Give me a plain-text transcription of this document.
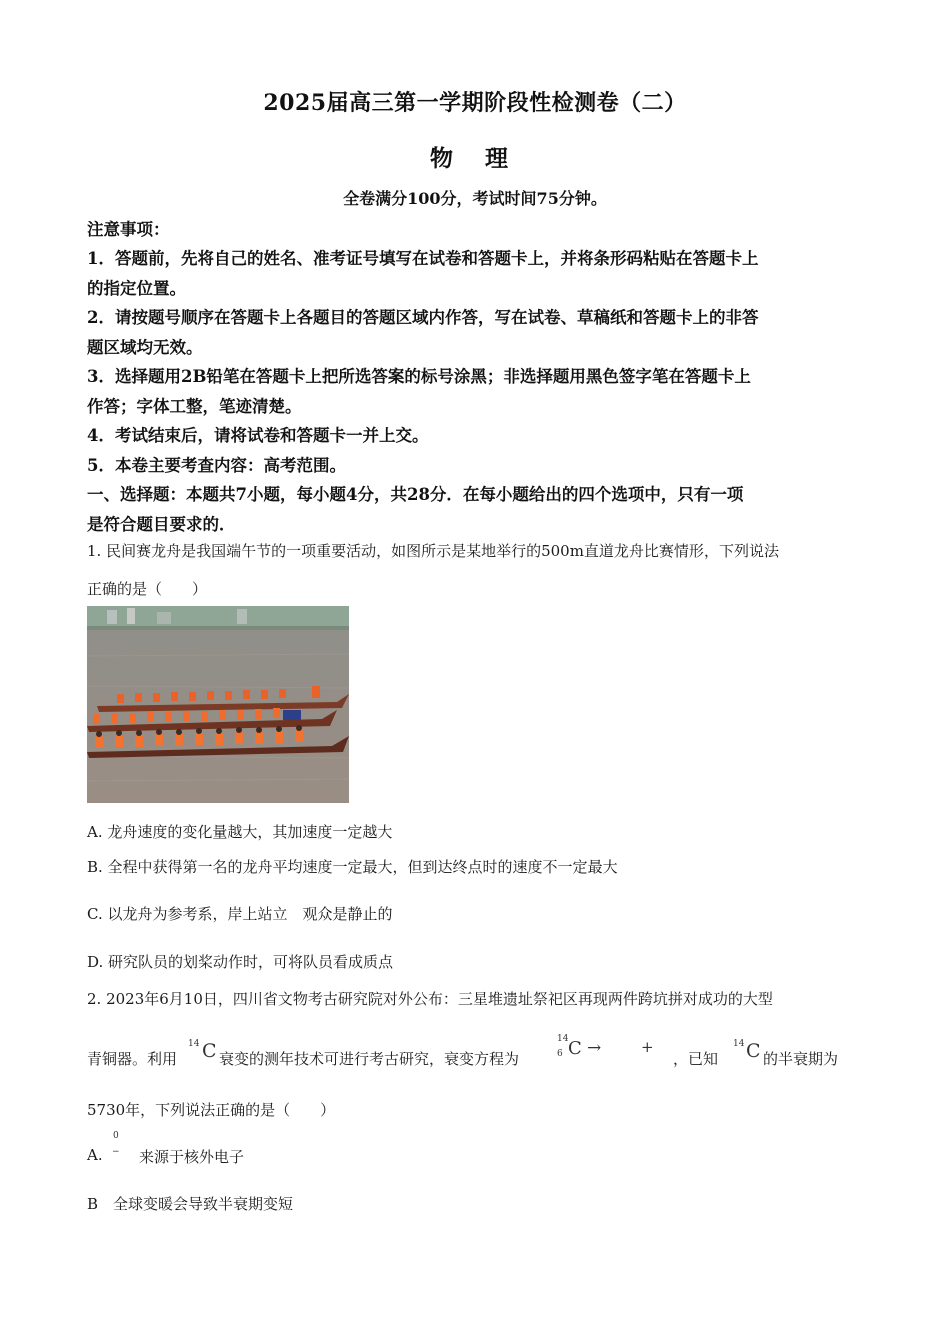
2025届高三第一学期阶段性检测卷（二）
物 理
全卷满分100分，考试时间75分钟。
注意事项：
1．答题前，先将自己的姓名、准考证号填写在试卷和答题卡上，并将条形码粘贴在答题卡上
的指定位置。
2．请按题号顺序在答题卡上各题目的答题区域内作答，写在试卷、草稿纸和答题卡上的非答
题区域均无效。
3．选择题用2B铅笔在答题卡上把所选答案的标号涂黑；非选择题用黑色签字笔在答题卡上
作答；字体工整，笔迹清楚。
4．考试结束后，请将试卷和答题卡一并上交。
5．本卷主要考查内容：高考范围。
一、选择题：本题共7小题，每小题4分，共28分．在每小题给出的四个选项中，只有一项
是符合题目要求的．
1. 民间赛龙舟是我国端午节的一项重要活动，如图所示是某地举行的500m直道龙舟比赛情形，下列说法
正确的是（　　）
A. 龙舟速度的变化量越大，其加速度一定越大
B. 全程中获得第一名的龙舟平均速度一定最大，但到达终点时的速度不一定最大
C. 以龙舟为参考系，岸上站立　观众是静止的
D. 研究队员的划桨动作时，可将队员看成质点
2. 2023年6月10日，四川省文物考古研究院对外公布：三星堆遗址祭祀区再现两件跨坑拼对成功的大型
青铜器。利用
14 C 衰变的测年技术可进行考古研究，衰变方程为
14
6 C →	+
，已知
14 C 的半衰期为
5730年，下列说法正确的是（　　）
A.
0
− 来源于核外电子
B　全球变暖会导致半衰期变短
